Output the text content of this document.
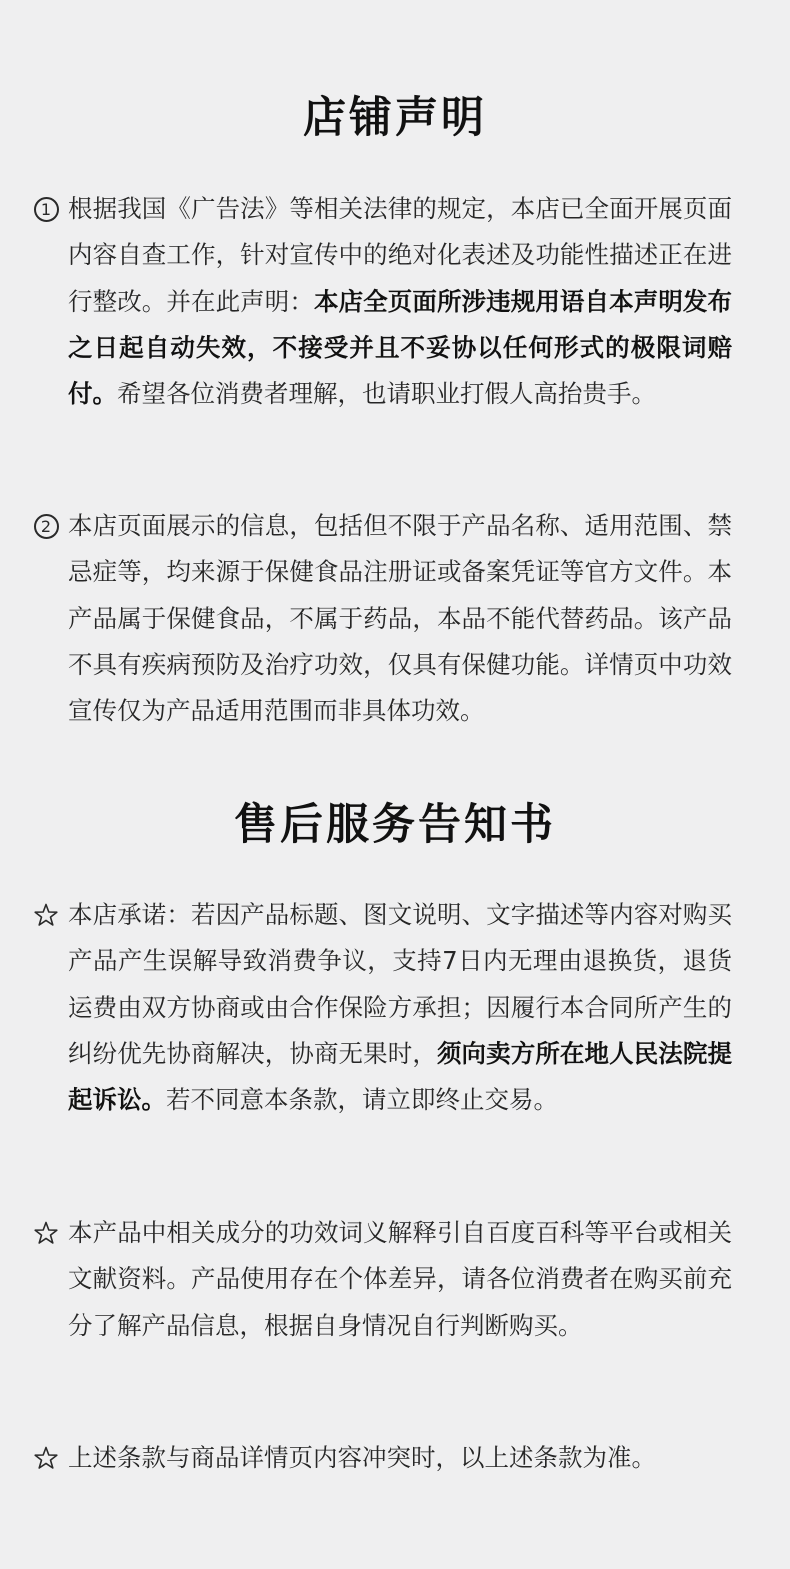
店铺声明
1 根据我国《广告法》等相关法律的规定，本店已全面开展页面内容自查工作，针对宣传中的绝对化表述及功能性描述正在进行整改。并在此声明：本店全页面所涉违规用语自本声明发布之日起自动失效，不接受并且不妥协以任何形式的极限词赔付。希望各位消费者理解，也请职业打假人高抬贵手。
2 本店页面展示的信息，包括但不限于产品名称、适用范围、禁忌症等，均来源于保健食品注册证或备案凭证等官方文件。本产品属于保健食品，不属于药品，本品不能代替药品。该产品不具有疾病预防及治疗功效，仅具有保健功能。详情页中功效宣传仅为产品适用范围而非具体功效。
售后服务告知书
本店承诺：若因产品标题、图文说明、文字描述等内容对购买产品产生误解导致消费争议，支持7日内无理由退换货，退货运费由双方协商或由合作保险方承担；因履行本合同所产生的纠纷优先协商解决，协商无果时，须向卖方所在地人民法院提起诉讼。若不同意本条款，请立即终止交易。
本产品中相关成分的功效词义解释引自百度百科等平台或相关文献资料。产品使用存在个体差异，请各位消费者在购买前充分了解产品信息，根据自身情况自行判断购买。
上述条款与商品详情页内容冲突时，以上述条款为准。
